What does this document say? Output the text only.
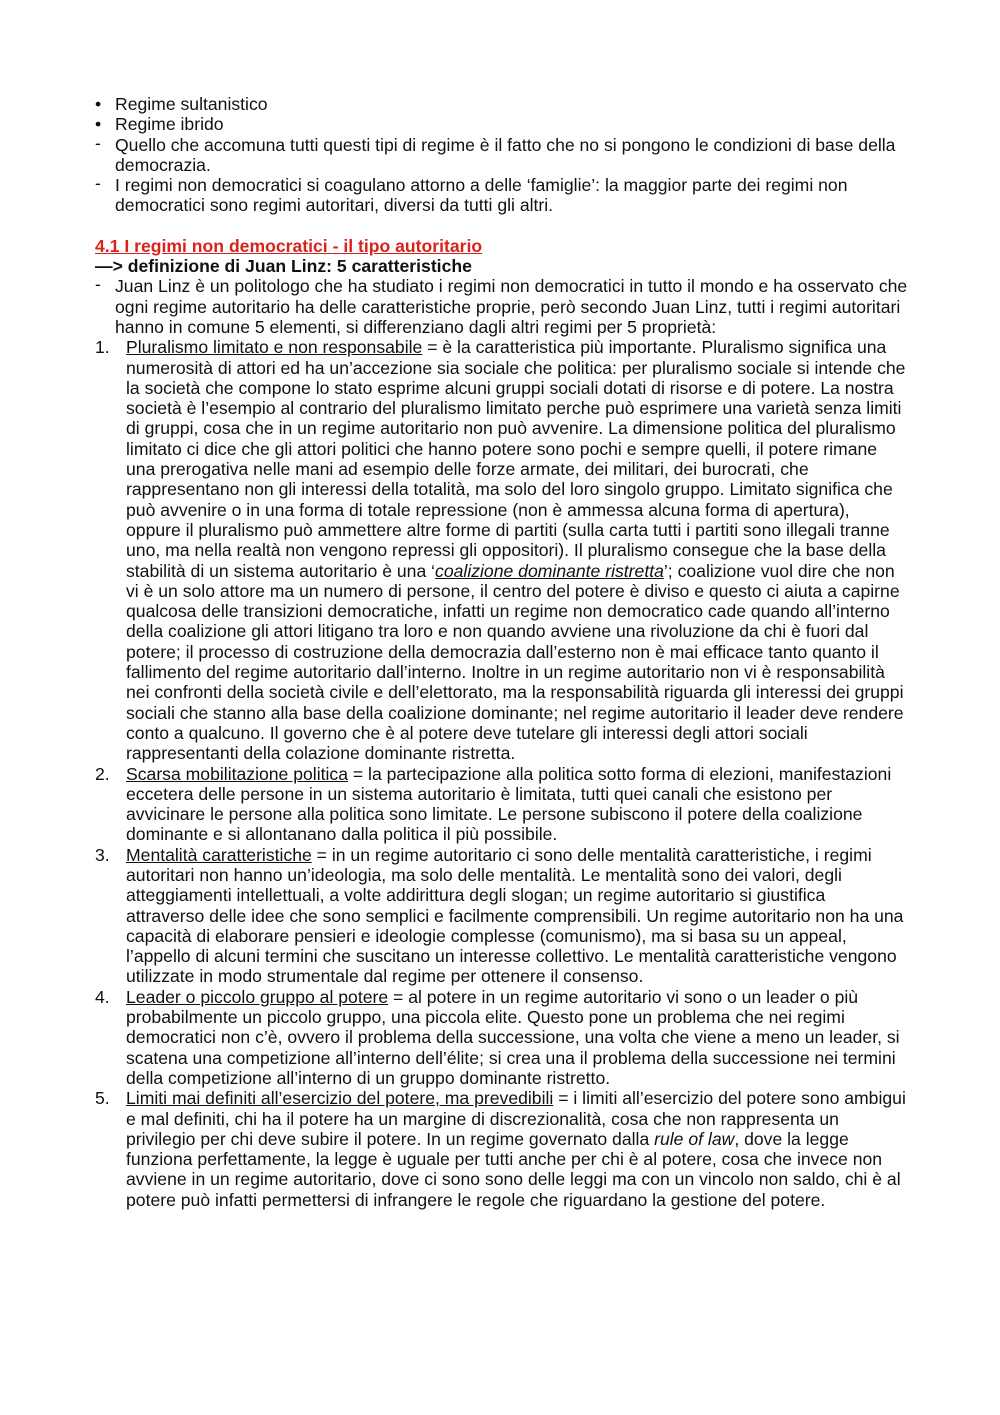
• Regime sultanistico
• Regime ibrido
- Quello che accomuna tutti questi tipi di regime è il fatto che no si pongono le condizioni di base della democrazia.
- I regimi non democratici si coagulano attorno a delle ‘famiglie’: la maggior parte dei regimi non democratici sono regimi autoritari, diversi da tutti gli altri.
4.1 I regimi non democratici - il tipo autoritario
—> definizione di Juan Linz: 5 caratteristiche
- Juan Linz è un politologo che ha studiato i regimi non democratici in tutto il mondo e ha osservato che ogni regime autoritario ha delle caratteristiche proprie, però secondo Juan Linz, tutti i regimi autoritari hanno in comune 5 elementi, si differenziano dagli altri regimi per 5 proprietà:
1. Pluralismo limitato e non responsabile = è la caratteristica più importante. Pluralismo significa una numerosità di attori ed ha un’accezione sia sociale che politica: per pluralismo sociale si intende che la società che compone lo stato esprime alcuni gruppi sociali dotati di risorse e di potere. La nostra società è l’esempio al contrario del pluralismo limitato perche può esprimere una varietà senza limiti di gruppi, cosa che in un regime autoritario non può avvenire. La dimensione politica del pluralismo limitato ci dice che gli attori politici che hanno potere sono pochi e sempre quelli, il potere rimane una prerogativa nelle mani ad esempio delle forze armate, dei militari, dei burocrati, che rappresentano non gli interessi della totalità, ma solo del loro singolo gruppo. Limitato significa che può avvenire o in una forma di totale repressione (non è ammessa alcuna forma di apertura), oppure il pluralismo può ammettere altre forme di partiti (sulla carta tutti i partiti sono illegali tranne uno, ma nella realtà non vengono repressi gli oppositori). Il pluralismo consegue che la base della stabilità di un sistema autoritario è una ‘coalizione dominante ristretta’; coalizione vuol dire che non vi è un solo attore ma un numero di persone, il centro del potere è diviso e questo ci aiuta a capirne qualcosa delle transizioni democratiche, infatti un regime non democratico cade quando all’interno della coalizione gli attori litigano tra loro e non quando avviene una rivoluzione da chi è fuori dal potere; il processo di costruzione della democrazia dall’esterno non è mai efficace tanto quanto il fallimento del regime autoritario dall’interno. Inoltre in un regime autoritario non vi è responsabilità nei confronti della società civile e dell’elettorato, ma la responsabilità riguarda gli interessi dei gruppi sociali che stanno alla base della coalizione dominante; nel regime autoritario il leader deve rendere conto a qualcuno. Il governo che è al potere deve tutelare gli interessi degli attori sociali rappresentanti della colazione dominante ristretta.
2. Scarsa mobilitazione politica = la partecipazione alla politica sotto forma di elezioni, manifestazioni eccetera delle persone in un sistema autoritario è limitata, tutti quei canali che esistono per avvicinare le persone alla politica sono limitate. Le persone subiscono il potere della coalizione dominante e si allontanano dalla politica il più possibile.
3. Mentalità caratteristiche = in un regime autoritario ci sono delle mentalità caratteristiche, i regimi autoritari non hanno un’ideologia, ma solo delle mentalità. Le mentalità sono dei valori, degli atteggiamenti intellettuali, a volte addirittura degli slogan; un regime autoritario si giustifica attraverso delle idee che sono semplici e facilmente comprensibili. Un regime autoritario non ha una capacità di elaborare pensieri e ideologie complesse (comunismo), ma si basa su un appeal, l’appello di alcuni termini che suscitano un interesse collettivo. Le mentalità caratteristiche vengono utilizzate in modo strumentale dal regime per ottenere il consenso.
4. Leader o piccolo gruppo al potere = al potere in un regime autoritario vi sono o un leader o più probabilmente un piccolo gruppo, una piccola elite. Questo pone un problema che nei regimi democratici non c’è, ovvero il problema della successione, una volta che viene a meno un leader, si scatena una competizione all’interno dell’élite; si crea una il problema della successione nei termini della competizione all’interno di un gruppo dominante ristretto.
5. Limiti mai definiti all’esercizio del potere, ma prevedibili = i limiti all’esercizio del potere sono ambigui e mal definiti, chi ha il potere ha un margine di discrezionalità, cosa che non rappresenta un privilegio per chi deve subire il potere. In un regime governato dalla rule of law, dove la legge funziona perfettamente, la legge è uguale per tutti anche per chi è al potere, cosa che invece non avviene in un regime autoritario, dove ci sono sono delle leggi ma con un vincolo non saldo, chi è al potere può infatti permettersi di infrangere le regole che riguardano la gestione del potere.
